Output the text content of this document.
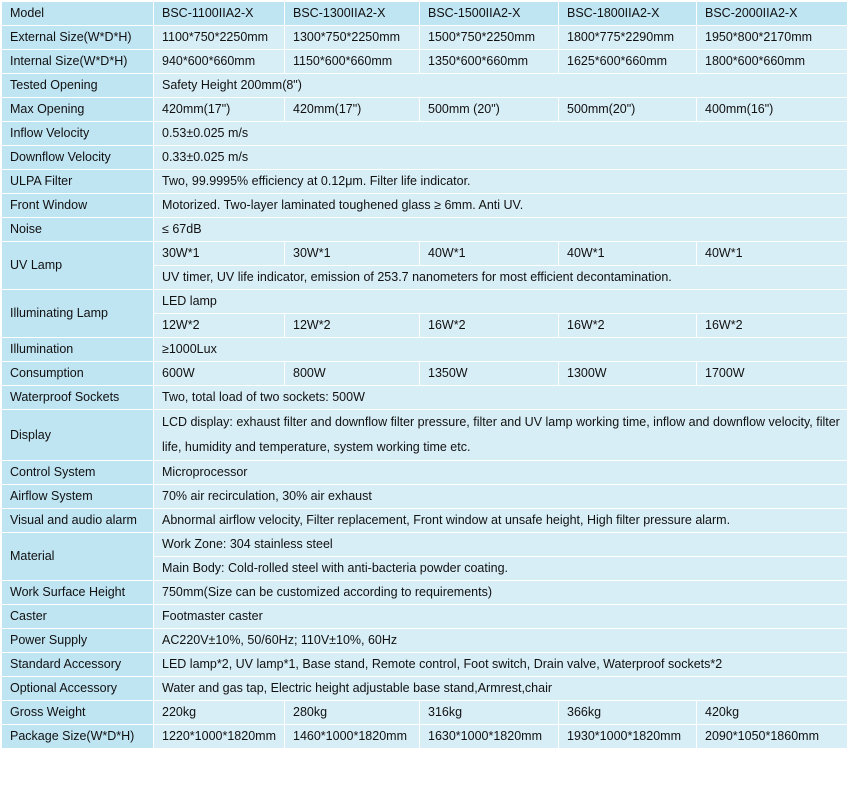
Model	BSC-1100IIA2-X	BSC-1300IIA2-X	BSC-1500IIA2-X	BSC-1800IIA2-X	BSC-2000IIA2-X
External Size(W*D*H)	1100*750*2250mm	1300*750*2250mm	1500*750*2250mm	1800*775*2290mm	1950*800*2170mm
Internal Size(W*D*H)	940*600*660mm	1150*600*660mm	1350*600*660mm	1625*600*660mm	1800*600*660mm
Tested Opening	Safety Height 200mm(8")				
Max Opening	420mm(17")	420mm(17")	500mm (20")	500mm(20")	400mm(16")
Inflow Velocity	0.53±0.025 m/s				
Downflow Velocity	0.33±0.025 m/s				
ULPA Filter	Two, 99.9995% efficiency at 0.12μm. Filter life indicator.				
Front Window	Motorized. Two-layer laminated toughened glass ≥ 6mm. Anti UV.				
Noise	≤ 67dB				
UV Lamp	30W*1	30W*1	40W*1	40W*1	40W*1
	UV timer, UV life indicator, emission of 253.7 nanometers for most efficient decontamination.				
Illuminating Lamp	LED lamp				
	12W*2	12W*2	16W*2	16W*2	16W*2
Illumination	≥1000Lux				
Consumption	600W	800W	1350W	1300W	1700W
Waterproof Sockets	Two, total load of two sockets: 500W				
Display	LCD display: exhaust filter and downflow filter pressure, filter and UV lamp working time, inflow and downflow velocity, filter life, humidity and temperature, system working time etc.				
Control System	Microprocessor				
Airflow System	70% air recirculation, 30% air exhaust				
Visual and audio alarm	Abnormal airflow velocity, Filter replacement, Front window at unsafe height, High filter pressure alarm.				
Material	Work Zone: 304 stainless steel				
	Main Body: Cold-rolled steel with anti-bacteria powder coating.				
Work Surface Height	750mm(Size can be customized according to requirements)				
Caster	Footmaster caster				
Power Supply	AC220V±10%, 50/60Hz; 110V±10%, 60Hz				
Standard Accessory	LED lamp*2, UV lamp*1, Base stand, Remote control, Foot switch, Drain valve, Waterproof sockets*2				
Optional Accessory	Water and gas tap, Electric height adjustable base stand,Armrest,chair				
Gross Weight	220kg	280kg	316kg	366kg	420kg
Package Size(W*D*H)	1220*1000*1820mm	1460*1000*1820mm	1630*1000*1820mm	1930*1000*1820mm	2090*1050*1860mm
